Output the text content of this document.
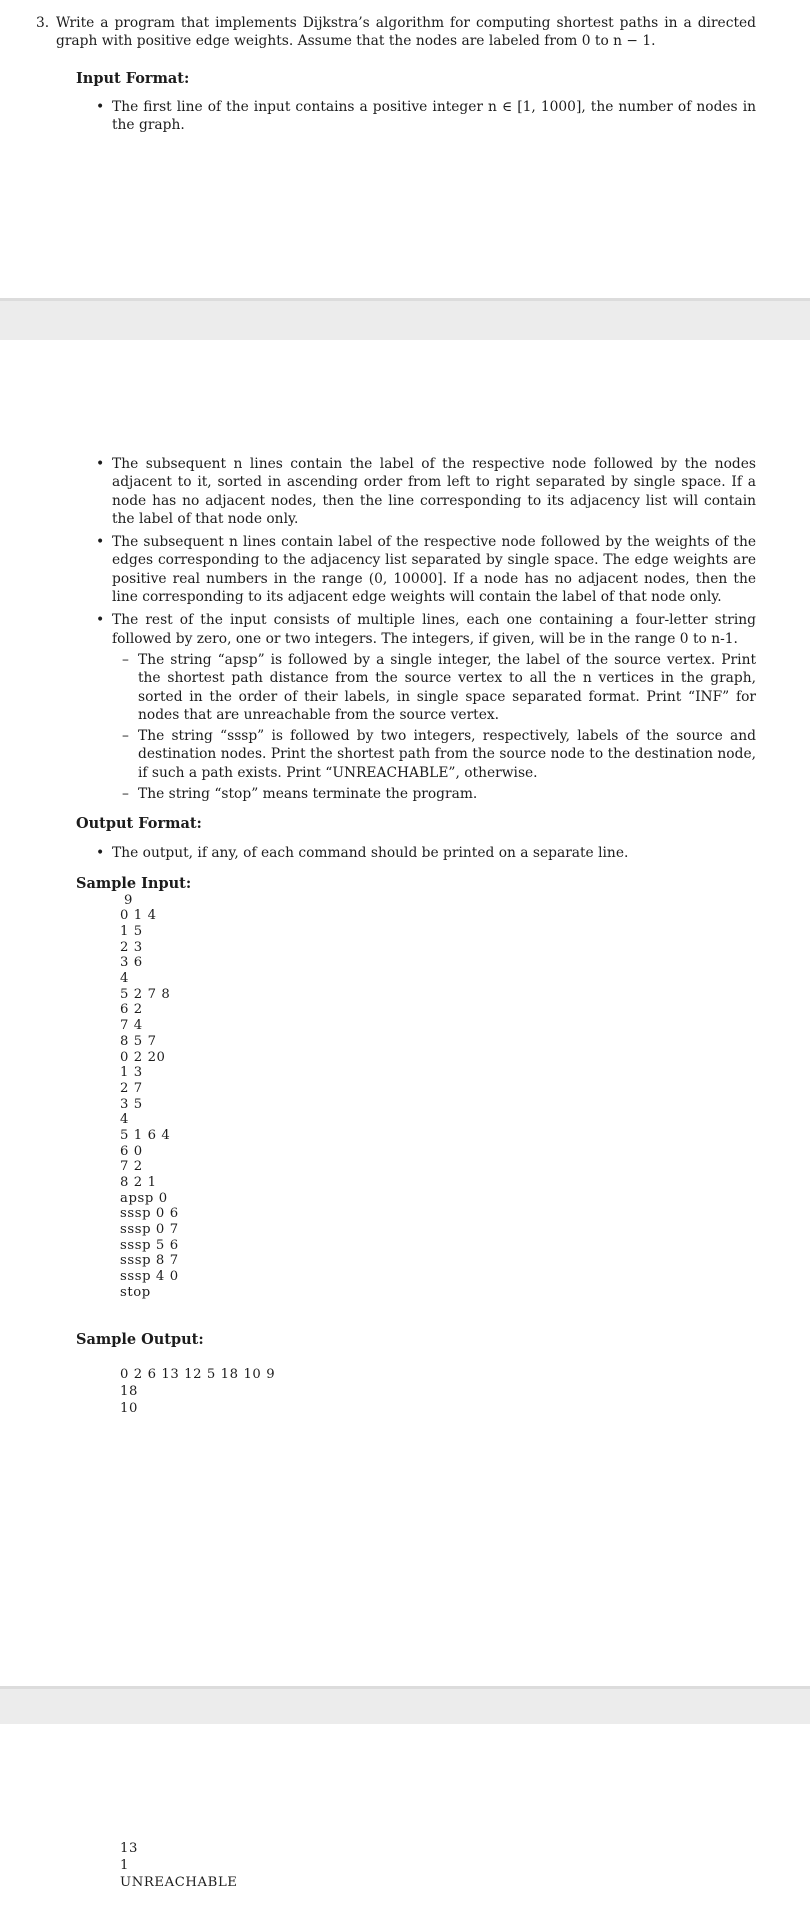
3. Write a program that implements Dijkstra’s algorithm for computing shortest paths in a directed graph with positive edge weights. Assume that the nodes are labeled from 0 to n − 1.

Input Format:

• The first line of the input contains a positive integer n ∈ [1, 1000], the number of nodes in the graph.
• The subsequent n lines contain the label of the respective node followed by the nodes adjacent to it, sorted in ascending order from left to right separated by single space. If a node has no adjacent nodes, then the line corresponding to its adjacency list will contain the label of that node only.
• The subsequent n lines contain label of the respective node followed by the weights of the edges corresponding to the adjacency list separated by single space. The edge weights are positive real numbers in the range (0, 10000]. If a node has no adjacent nodes, then the line corresponding to its adjacent edge weights will contain the label of that node only.
• The rest of the input consists of multiple lines, each one containing a four-letter string followed by zero, one or two integers. The integers, if given, will be in the range 0 to n-1.
– The string “apsp” is followed by a single integer, the label of the source vertex. Print the shortest path distance from the source vertex to all the n vertices in the graph, sorted in the order of their labels, in single space separated format. Print “INF” for nodes that are unreachable from the source vertex.
– The string “sssp” is followed by two integers, respectively, labels of the source and destination nodes. Print the shortest path from the source node to the destination node, if such a path exists. Print “UNREACHABLE”, otherwise.
– The string “stop” means terminate the program.

Output Format:

• The output, if any, of each command should be printed on a separate line.

Sample Input:

9
0 1 4
1 5
2 3
3 6
4
5 2 7 8
6 2
7 4
8 5 7
0 2 20
1 3
2 7
3 5
4
5 1 6 4
6 0
7 2
8 2 1
apsp 0
sssp 0 6
sssp 0 7
sssp 5 6
sssp 8 7
sssp 4 0
stop

Sample Output:

0 2 6 13 12 5 18 10 9
18
10
13
1
UNREACHABLE
